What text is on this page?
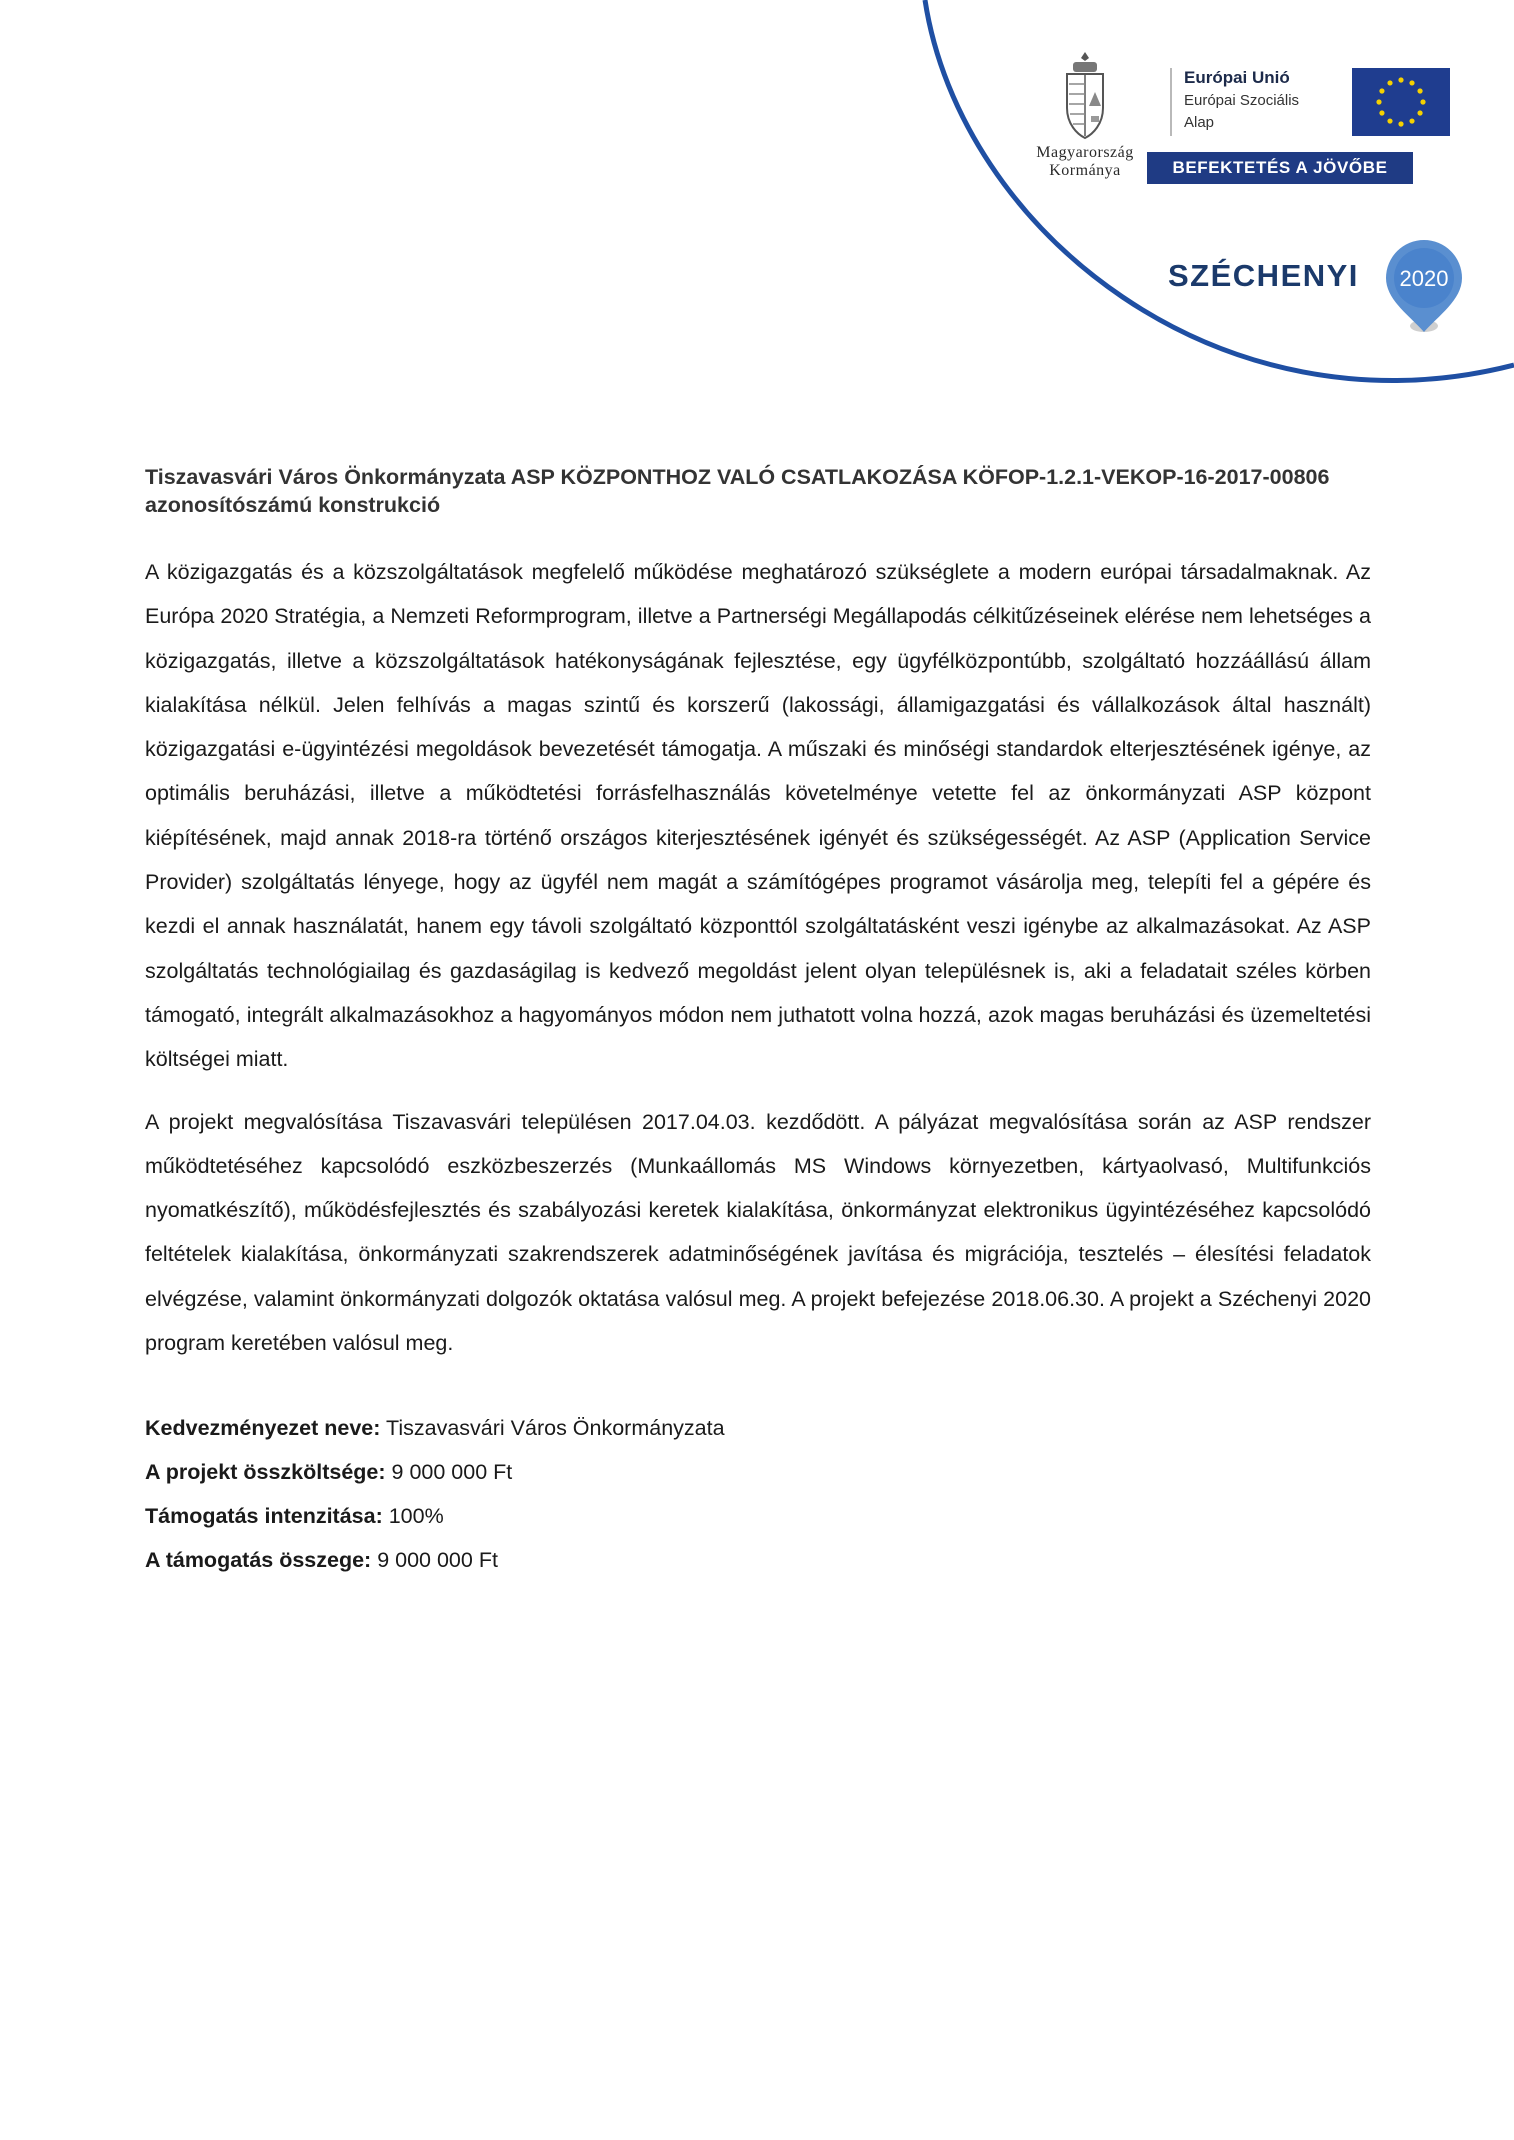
Magyarország
Kormánya
Európai Unió
Európai Szociális
Alap
BEFEKTETÉS A JÖVŐBE
SZÉCHENYI 2020

Tiszavasvári Város Önkormányzata ASP KÖZPONTHOZ VALÓ CSATLAKOZÁSA KÖFOP-1.2.1-VEKOP-16-2017-00806 azonosítószámú konstrukció

A közigazgatás és a közszolgáltatások megfelelő működése meghatározó szükséglete a modern európai társadalmaknak. Az Európa 2020 Stratégia, a Nemzeti Reformprogram, illetve a Partnerségi Megállapodás célkitűzéseinek elérése nem lehetséges a közigazgatás, illetve a közszolgáltatások hatékonyságának fejlesztése, egy ügyfélközpontúbb, szolgáltató hozzáállású állam kialakítása nélkül. Jelen felhívás a magas szintű és korszerű (lakossági, államigazgatási és vállalkozások által használt) közigazgatási e-ügyintézési megoldások bevezetését támogatja. A műszaki és minőségi standardok elterjesztésének igénye, az optimális beruházási, illetve a működtetési forrásfelhasználás követelménye vetette fel az önkormányzati ASP központ kiépítésének, majd annak 2018-ra történő országos kiterjesztésének igényét és szükségességét. Az ASP (Application Service Provider) szolgáltatás lényege, hogy az ügyfél nem magát a számítógépes programot vásárolja meg, telepíti fel a gépére és kezdi el annak használatát, hanem egy távoli szolgáltató központtól szolgáltatásként veszi igénybe az alkalmazásokat. Az ASP szolgáltatás technológiailag és gazdaságilag is kedvező megoldást jelent olyan településnek is, aki a feladatait széles körben támogató, integrált alkalmazásokhoz a hagyományos módon nem juthatott volna hozzá, azok magas beruházási és üzemeltetési költségei miatt.

A projekt megvalósítása Tiszavasvári településen 2017.04.03. kezdődött. A pályázat megvalósítása során az ASP rendszer működtetéséhez kapcsolódó eszközbeszerzés (Munkaállomás MS Windows környezetben, kártyaolvasó, Multifunkciós nyomatkészítő), működésfejlesztés és szabályozási keretek kialakítása, önkormányzat elektronikus ügyintézéséhez kapcsolódó feltételek kialakítása, önkormányzati szakrendszerek adatminőségének javítása és migrációja, tesztelés – élesítési feladatok elvégzése, valamint önkormányzati dolgozók oktatása valósul meg. A projekt befejezése 2018.06.30. A projekt a Széchenyi 2020 program keretében valósul meg.

Kedvezményezet neve: Tiszavasvári Város Önkormányzata
A projekt összköltsége: 9 000 000 Ft
Támogatás intenzitása: 100%
A támogatás összege: 9 000 000 Ft
